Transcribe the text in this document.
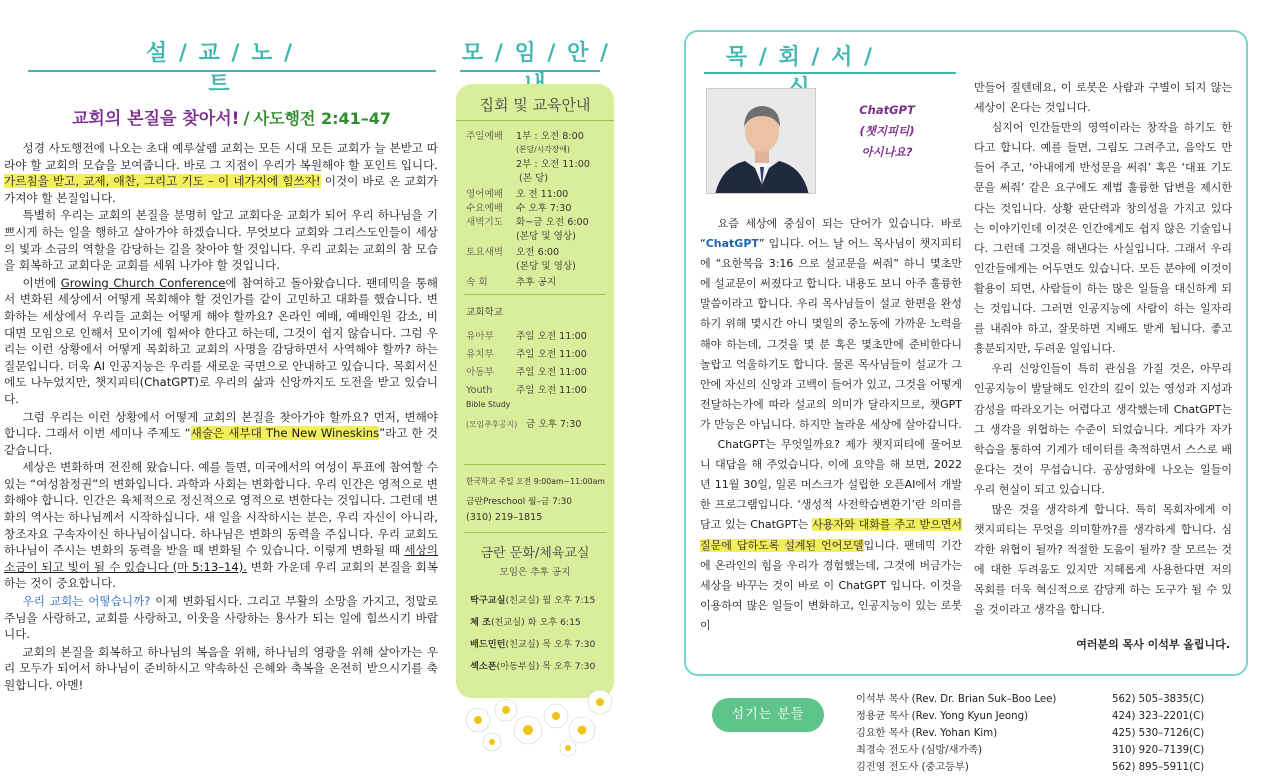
설 / 교 / 노 / 트
모 / 임 / 안 /
교회의 본질을 찾아서! / 사도행전 2:41–47

성경 사도행전에 나오는 초대 예루살렘 교회는 모든 시대 모든 교회가 늘 본받고 따라야 할 교회의 모습을 보여줍니다. 바로 그 지점이 우리가 복원해야 할 포인트 입니다. 가르침을 받고, 교제, 애찬, 그리고 기도 – 이 네가지에 힘쓰자! 이것이 바로 온 교회가 가져야 할 본질입니다.

특별히 우리는 교회의 본질을 분명히 알고 교회다운 교회가 되어 우리 하나님을 기쁘시게 하는 일을 행하고 살아가야 하겠습니다. 무엇보다 교회와 그리스도인들이 세상의 빛과 소금의 역할을 감당하는 길을 찾아야 할 것입니다. 우리 교회는 교회의 참 모습을 회복하고 교회다운 교회를 세워 나가야 할 것입니다.

이번에 Growing Church Conference에 참여하고 돌아왔습니다. 팬데믹을 통해서 변화된 세상에서 어떻게 목회해야 할 것인가를 같이 고민하고 대화를 했습니다. 변화하는 세상에서 우리들 교회는 어떻게 해야 할까요? 온라인 예배, 예배인원 감소, 비대면 모임으로 인해서 모이기에 힘써야 한다고 하는데, 그것이 쉽지 않습니다. 그럼 우리는 이런 상황에서 어떻게 목회하고 교회의 사명을 감당하면서 사역해야 할까? 하는 질문입니다. 더욱 AI 인공지능은 우리를 새로운 국면으로 안내하고 있습니다. 목회서신에도 나누었지만, 챗지피티(ChatGPT)로 우리의 삶과 신앙까지도 도전을 받고 있습니다.

그럼 우리는 이런 상황에서 어떻게 교회의 본질을 찾아가야 할까요? 먼저, 변해야 합니다. 그래서 이번 세미나 주제도 “새술은 새부대 The New Wineskins”라고 한 것 같습니다.

세상은 변화하며 전진해 왔습니다. 예를 들면, 미국에서의 여성이 투표에 참여할 수 있는 “여성참정권”의 변화입니다. 과학과 사회는 변화합니다. 우리 인간은 영적으로 변화해야 합니다. 인간은 육체적으로 정신적으로 영적으로 변한다는 것입니다. 그런데 변화의 역사는 하나님께서 시작하십니다. 새 일을 시작하시는 분은, 우리 자신이 아니라, 창조자요 구속자이신 하나님이십니다. 하나님은 변화의 동력을 주십니다. 우리 교회도 하나님이 주시는 변화의 동력을 받을 때 변화될 수 있습니다. 이렇게 변화될 때 세상의 소금이 되고 빛이 될 수 있습니다 (마 5:13–14). 변화 가운데 우리 교회의 본질을 회복하는 것이 중요합니다.

우리 교회는 어떻습니까? 이제 변화됩시다. 그리고 부활의 소망을 가지고, 정말로 주님을 사랑하고, 교회를 사랑하고, 이웃을 사랑하는 용사가 되는 일에 힘쓰시기 바랍니다.

교회의 본질을 회복하고 하나님의 복음을 위해, 하나님의 영광을 위해 살아가는 우리 모두가 되어서 하나님이 준비하시고 약속하신 은혜와 축복을 온전히 받으시기를 축원합니다. 아멘!

집회 및 교육안내
주일예배 1부 : 오전 8:00
(본당/시각장애)
2부 : 오전 11:00
(본 당)
영어예배 오 전 11:00
수요예배 수 오후 7:30
새벽기도 화~금 오전 6:00
(본당 및 영상)
토요새벽 오전 6:00
(본당 및 영상)
속 회	추후 공지
교회학교
유아부 주일 오전 11:00
유치부 주일 오전 11:00
아동부 주일 오전 11:00
Youth 주일 오전 11:00
Bible Study
(모임추후공지) 금 오후 7:30
한국학교 주일 오전 9:00am~11:00am
금란Preschool 월–금 7:30
(310) 219–1815
금란 문화/체육교실
모임은 추후 공지
탁구교실(친교실) 월 오후 7:15
체 조(친교실) 화 오후 6:15
배드민턴(친교실) 목 오후 7:30
섹소폰(아동부실) 목 오후 7:30
목 / 회 / 서 /
ChatGPT
(챗지피티)
아시나요?

요즘 세상에 중심이 되는 단어가 있습니다. 바로 “ChatGPT” 입니다. 어느 날 어느 목사님이 챗지피티에 “요한복음 3:16 으로 설교문을 써줘” 하니 몇초만에 설교문이 써졌다고 합니다. 내용도 보니 아주 훌륭한 말씀이라고 합니다. 우리 목사님들이 설교 한편을 완성하기 위해 몇시간 아니 몇일의 중노동에 가까운 노력을 해야 하는데, 그것을 몇 분 혹은 몇초만에 준비한다니 놀랍고 억울하기도 합니다. 물론 목사님들이 설교가 그 안에 자신의 신앙과 고백이 들어가 있고, 그것을 어떻게 전달하는가에 따라 설교의 의미가 달라지므로, 챗GPT가 만능은 아닙니다. 하지만 놀라운 세상에 살아갑니다.

ChatGPT는 무엇일까요? 제가 챗지피티에 물어보니 대답을 해 주었습니다. 이에 요약을 해 보면, 2022년 11월 30일, 일론 머스크가 설립한 오픈AI에서 개발한 프로그램입니다. ‘생성적 사전학습변환기’란 의미를 담고 있는 ChatGPT는 사용자와 대화를 주고 받으면서 질문에 답하도록 설계된 언어모델입니다. 팬데믹 기간에 온라인의 힘을 우리가 경험했는데, 그것에 버금가는 세상을 바꾸는 것이 바로 이 ChatGPT 입니다. 이것을 이용하여 많은 일들이 변화하고, 인공지능이 있는 로봇이

만들어 질텐데요, 이 로봇은 사람과 구별이 되지 않는 세상이 온다는 것입니다.

심지어 인간들만의 영역이라는 창작을 하기도 한다고 합니다. 예를 들면, 그림도 그려주고, 음악도 만들어 주고, ‘아내에게 반성문을 써줘’ 혹은 ‘대표 기도문을 써줘’ 같은 요구에도 제법 훌륭한 답변을 제시한다는 것입니다. 상황 판단력과 창의성을 가지고 있다는 이야기인데 이것은 인간에게도 쉽지 않은 기술입니다. 그런데 그것을 해낸다는 사실입니다. 그래서 우리 인간들에게는 어두면도 있습니다. 모든 분야에 이것이 활용이 되면, 사람들이 하는 많은 일들을 대신하게 되는 것입니다. 그러면 인공지능에 사람이 하는 일자리를 내줘야 하고, 잘못하면 지배도 받게 됩니다. 좋고 흥분되지만, 두려운 일입니다.

우리 신앙인들이 특히 관심을 가질 것은, 아무리 인공지능이 발달해도 인간의 깊이 있는 영성과 지성과 감성을 따라오기는 어렵다고 생각했는데 ChatGPT는 그 생각을 위협하는 수준이 되었습니다. 게다가 자가학습을 통하여 기계가 데이터를 축적하면서 스스로 배운다는 것이 무섭습니다. 공상영화에 나오는 일들이 우리 현실이 되고 있습니다.

많은 것을 생각하게 합니다. 특히 목회자에게 이 챗지피티는 무엇을 의미할까?를 생각하게 합니다. 심각한 위협이 될까? 적절한 도움이 될까? 잘 모르는 것에 대한 두려움도 있지만 지혜롭게 사용한다면 저의 목회를 더욱 혁신적으로 감당케 하는 도구가 될 수 있을 것이라고 생각을 합니다.

여러분의 목사 이석부 올립니다.
섬기는 분들
이석부 목사 (Rev. Dr. Brian Suk–Boo Lee)	562) 505–3835(C)
정용균 목사 (Rev. Yong Kyun Jeong)	424) 323–2201(C)
김요한 목사 (Rev. Yohan Kim)	425) 530–7126(C)
최경숙 전도사 (심방/새가족)	310) 920–7139(C)
김진영 전도사 (중고등부)	562) 895–5911(C)
